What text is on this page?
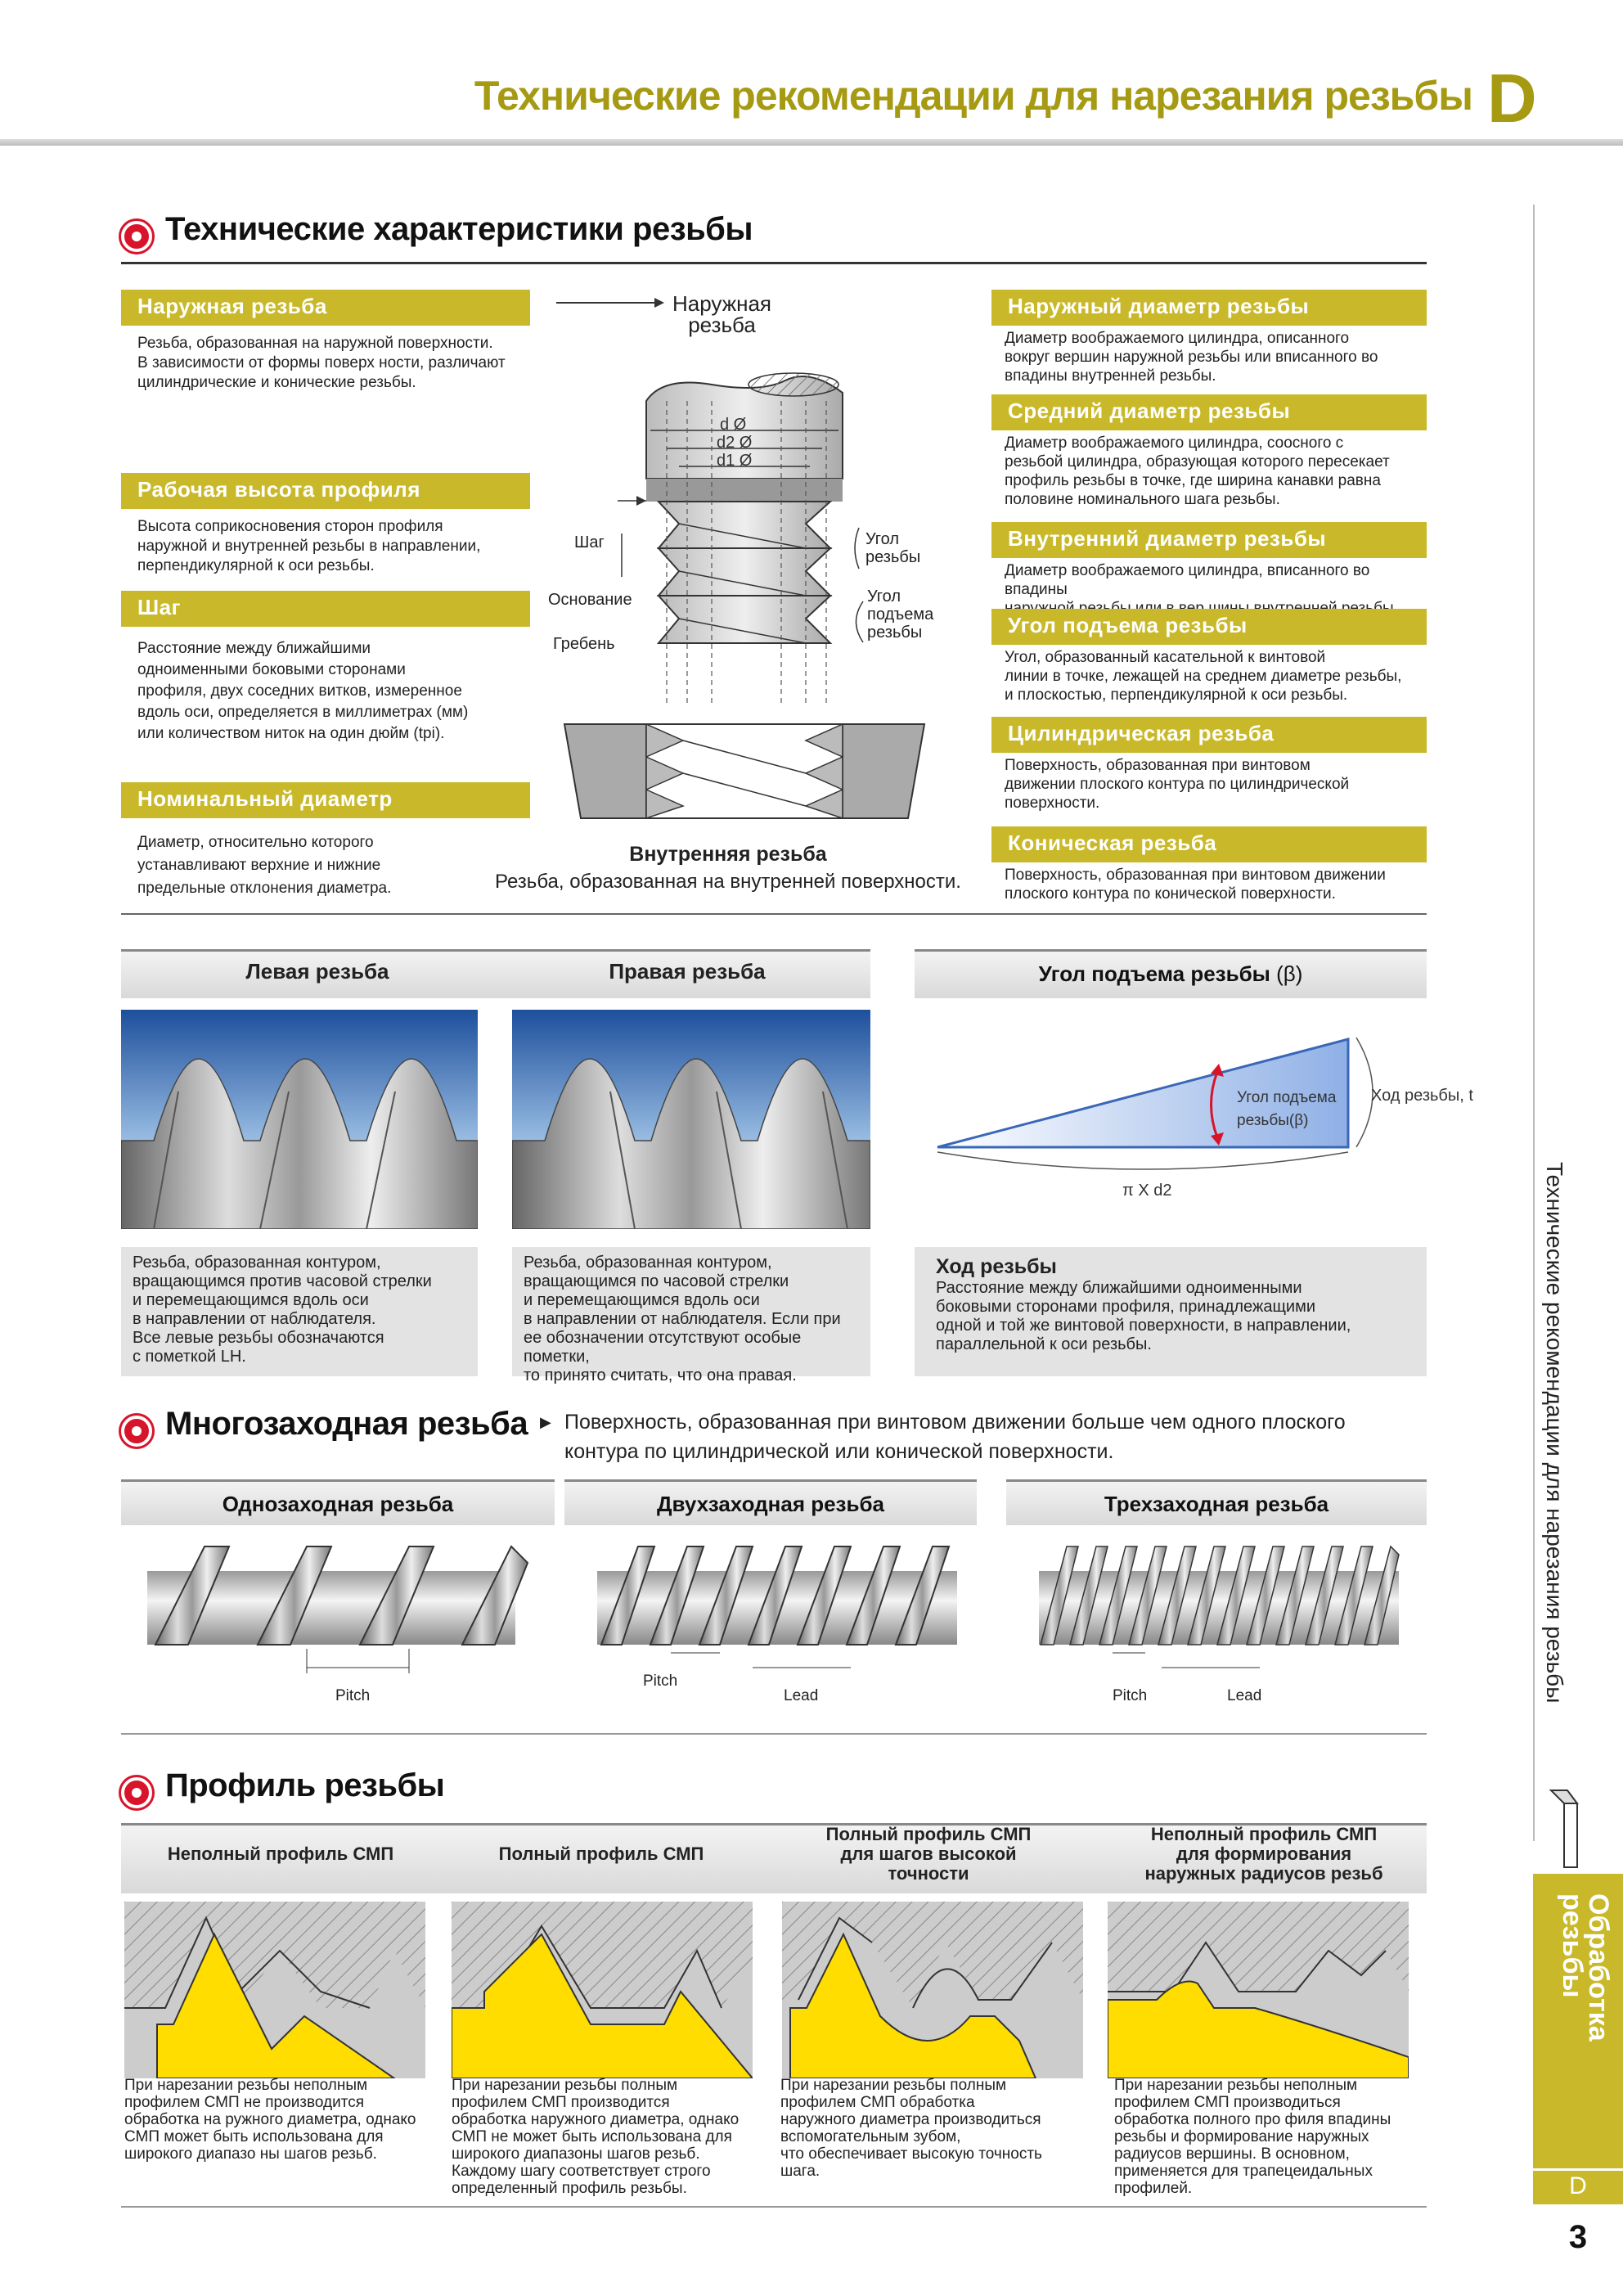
Технические рекомендации для нарезания резьбы D
Технические характеристики резьбы
Наружная резьба
Резьба, образованная на наружной поверхности.
В зависимости от формы поверх ности, различают
цилиндрические и конические резьбы.
Рабочая высота профиля
Высота соприкосновения сторон профиля
наружной и внутренней резьбы в направлении,
перпендикулярной к оси резьбы.
Шаг
Расстояние между ближайшими
одноименными боковыми сторонами
профиля, двух соседних витков, измеренное
вдоль оси, определяется в миллиметрах (мм)
или количеством ниток на один дюйм (tpi).
Номинальный диаметр
Диаметр, относительно которого
устанавливают верхние и нижние
предельные отклонения диаметра.
Наружный диаметр резьбы
Диаметр воображаемого цилиндра, описанного
вокруг вершин наружной резьбы или вписанного во
впадины внутренней резьбы.
Средний диаметр резьбы
Диаметр воображаемого цилиндра, соосного с
резьбой цилиндра, образующая которого пересекает
профиль резьбы в точке, где ширина канавки равна
половине номинального шага резьбы.
Внутренний диаметр резьбы
Диаметр воображаемого цилиндра, вписанного во впадины

Угол подъема резьбы
Угол, образованный касательной к винтовой
линии в точке, лежащей на среднем диаметре резьбы,
и плоскостью, перпендикулярной к оси резьбы.
Цилиндрическая резьба
Поверхность, образованная при винтовом
движении плоского контура по цилиндрической
поверхности.
Коническая резьба
Поверхность, образованная при винтовом движении
плоского контура по конической поверхности.
Наружная
резьба
d Ø
d2 Ø
d1 Ø
Шаг
Основание
Гребень
Угол
резьбы
Угол
подъема
резьбы
Внутренняя резьба
Резьба, образованная на внутренней поверхности.
Левая резьба	Правая резьба
Резьба, образованная контуром,
вращающимся против часовой стрелки
и перемещающимся вдоль оси
в направлении от наблюдателя.
Все левые резьбы обозначаются
с пометкой LH.
Резьба, образованная контуром,
вращающимся по часовой стрелки
и перемещающимся вдоль оси
в направлении от наблюдателя. Если при
ее обозначении отсутствуют особые пометки,
то принято считать, что она правая.
Угол подъема резьбы (β)
Угол подъема
резьбы(β)
Ход резьбы, t
π X d2
Ход резьбы
Расстояние между ближайшими одноименными
боковыми сторонами профиля, принадлежащими
одной и той же винтовой поверхности, в направлении,
параллельной к оси резьбы.
Многозаходная резьба ▶ Поверхность, образованная при винтовом движении больше чем одного плоского
контура по цилиндрической или конической поверхности.
Однозаходная резьба	Двухзаходная резьба	Трехзаходная резьба
Pitch
Pitch
Lead	Pitch	Lead
Профиль резьбы
Неполный профиль СМП	Полный профиль СМП
Полный профиль СМП
для шагов высокой
точности
Неполный профиль СМП
для формирования
наружных радиусов резьб
При нарезании резьбы неполным
профилем СМП не производится
обработка на ружного диаметра, однако
СМП может быть использована для
широкого диапазо ны шагов резьб.
При нарезании резьбы полным
профилем СМП производится
обработка наружного диаметра, однако
СМП не может быть использована для
широкого диапазоны шагов резьб.
Каждому шагу соответствует строго
определенный профиль резьбы.
При нарезании резьбы полным
профилем СМП обработка
наружного диаметра производиться
вспомогательным зубом,
что обеспечивает высокую точность
шага.
При нарезании резьбы неполным
профилем СМП производиться
обработка полного про филя впадины
резьбы и формирование наружных
радиусов вершины. В основном,
применяется для трапецеидальных
профилей.
Технические рекомендации для нарезания резьбы
Обработка
резьбы
D
3
